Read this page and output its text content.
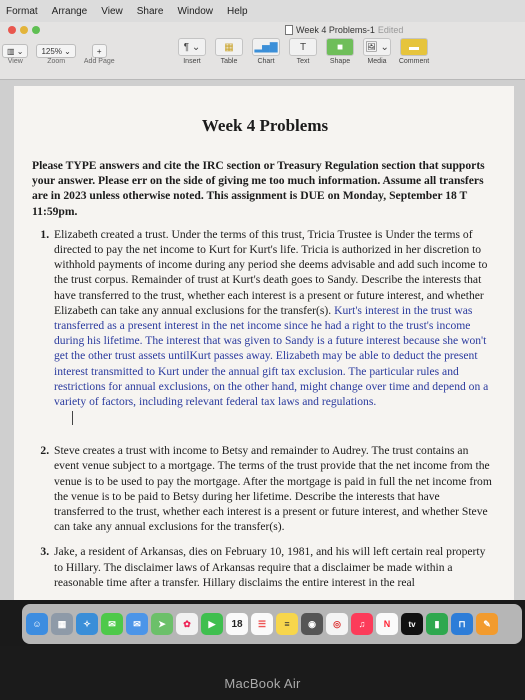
Format Arrange View Share Window Help
Week 4 Problems-1 Edited
▥ ⌄
View
125% ⌄
Zoom
+
Add Page
¶ ⌄
Insert
▦
Table
▂▅▇
Chart
T
Text
■
Shape
🖼 ⌄
Media
▬
Comment
Week 4 Problems

Please TYPE answers and cite the IRC section or Treasury Regulation section that supports your answer. Please err on the side of giving me too much information. Assume all transfers are in 2023 unless otherwise noted. This assignment is DUE on Monday, September 18 T 11:59pm.

1. Elizabeth created a trust. Under the terms of this trust, Tricia Trustee is Under the terms of directed to pay the net income to Kurt for Kurt's life. Tricia is authorized in her discretion to withhold payments of income during any period she deems advisable and add such income to the trust corpus. Remainder of trust at Kurt's death goes to Sandy. Describe the interests that have transferred to the trust, whether each interest is a present or future interest, and whether Elizabeth can take any annual exclusions for the transfer(s). Kurt's interest in the trust was transferred as a present interest in the net income since he had a right to the trust's income during his lifetime. The interest that was given to Sandy is a future interest because she won't get the other trust assets untilKurt passes away. Elizabeth may be able to deduct the present interest transmitted to Kurt under the annual gift tax exclusion. The particular rules and restrictions for annual exclusions, on the other hand, might change over time and depend on a variety of factors, including relevant federal tax laws and regulations.
2. Steve creates a trust with income to Betsy and remainder to Audrey. The trust contains an event venue subject to a mortgage. The terms of the trust provide that the net income from the venue is to be used to pay the mortgage. After the mortgage is paid in full the net income from the venue is to be paid to Betsy during her lifetime. Describe the interests that have transferred to the trust, whether each interest is a present or future interest, and whether Steve can take any annual exclusions for the transfer(s).
3. Jake, a resident of Arkansas, dies on February 10, 1981, and his will left certain real property to Hillary. The disclaimer laws of Arkansas require that a disclaimer be made within a reasonable time after a transfer. Hillary disclaims the entire interest in the real
☺	▦	✧	✉	✉	➤	✿	▶	18	☰	≡	◉	◎	♫	N	tv	▮	⊓	✎
MacBook Air
